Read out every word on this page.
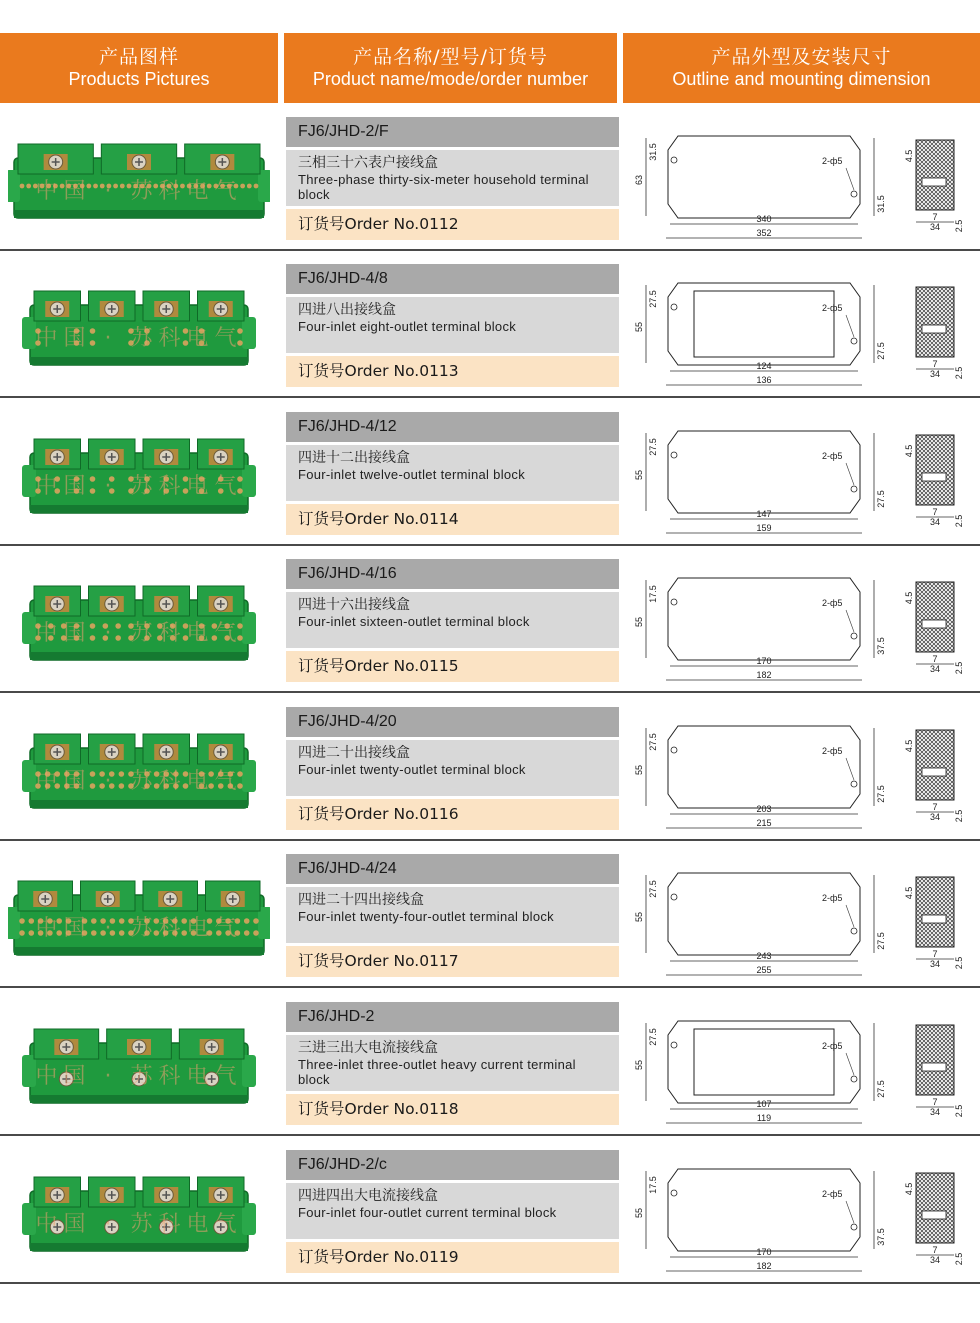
产品图样
Products Pictures
产品名称/型号/订货号
Product name/mode/order number
产品外型及安装尺寸
Outline and mounting dimension
中国 · 苏科电气
FJ6/JHD-2/F
三相三十六表户接线盒
Three-phase thirty-six-meter household terminal block
订货号Order No.0112
63
31.5
2-ф5
31.5
340
352
7
34 2.5
4.5
中国 · 苏科电气
FJ6/JHD-4/8
四进八出接线盒
Four-inlet eight-outlet terminal block
订货号Order No.0113
55
27.5
2-ф5
27.5
124
136
7
34 2.5
中国 · 苏科电气
FJ6/JHD-4/12
四进十二出接线盒
Four-inlet twelve-outlet terminal block
订货号Order No.0114
55
27.5
2-ф5
27.5
147
159
7
34 2.5
4.5
中国 · 苏科电气
FJ6/JHD-4/16
四进十六出接线盒
Four-inlet sixteen-outlet terminal block
订货号Order No.0115
55
17.5
2-ф5
37.5
170
182
7
34 2.5
4.5
中国 · 苏科电气
FJ6/JHD-4/20
四进二十出接线盒
Four-inlet twenty-outlet terminal block
订货号Order No.0116
55
27.5
2-ф5
27.5
203
215
7
34 2.5
4.5
中国 · 苏科电气
FJ6/JHD-4/24
四进二十四出接线盒
Four-inlet twenty-four-outlet terminal block
订货号Order No.0117
55
27.5
2-ф5
27.5
243
255
7
34 2.5
4.5
中国 · 苏科电气
FJ6/JHD-2
三进三出大电流接线盒
Three-inlet three-outlet heavy current terminal block
订货号Order No.0118
55
27.5
2-ф5
27.5
107
119
7
34 2.5
中国 · 苏科电气
FJ6/JHD-2/c
四进四出大电流接线盒
Four-inlet four-outlet current terminal block
订货号Order No.0119
55
17.5
2-ф5
37.5
170
182
7
34 2.5
4.5
